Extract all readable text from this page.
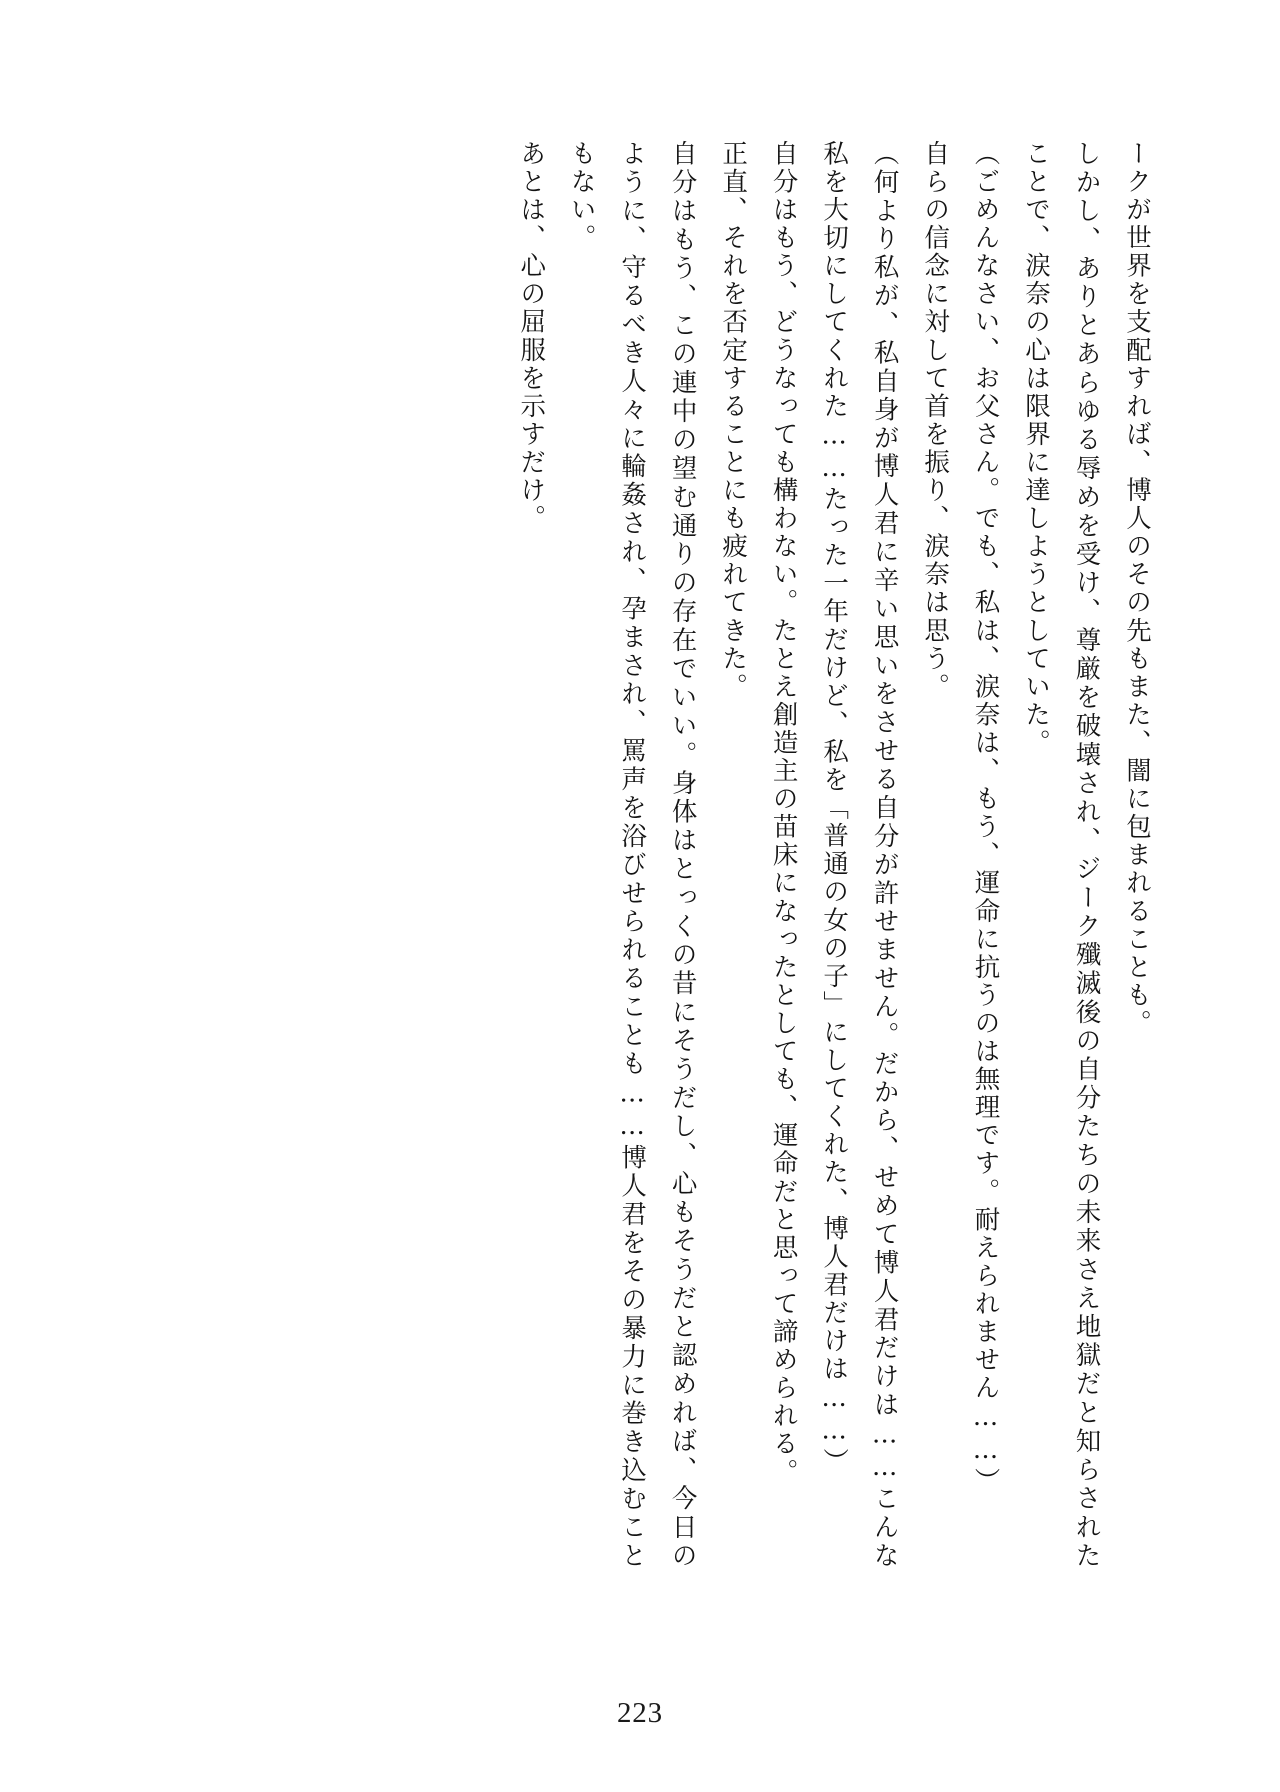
ークが世界を支配すれば、博人のその先もまた、闇に包まれることも。

しかし、ありとあらゆる辱めを受け、尊厳を破壊され、ジーク殲滅後の自分たちの未来さえ地獄だと知らされたことで、涙奈の心は限界に達しようとしていた。

（ごめんなさい、お父さん。でも、私は、涙奈は、もう、運命に抗うのは無理です。耐えられません……）

自らの信念に対して首を振り、涙奈は思う。

（何より私が、私自身が博人君に辛い思いをさせる自分が許せません。だから、せめて博人君だけは……こんな私を大切にしてくれた……たった一年だけど、私を「普通の女の子」にしてくれた、博人君だけは……）

自分はもう、どうなっても構わない。たとえ創造主の苗床になったとしても、運命だと思って諦められる。

正直、それを否定することにも疲れてきた。

自分はもう、この連中の望む通りの存在でいい。身体はとっくの昔にそうだし、心もそうだと認めれば、今日のように、守るべき人々に輪姦され、孕まされ、罵声を浴びせられることも……博人君をその暴力に巻き込むこともない。

あとは、心の屈服を示すだけ。

223
